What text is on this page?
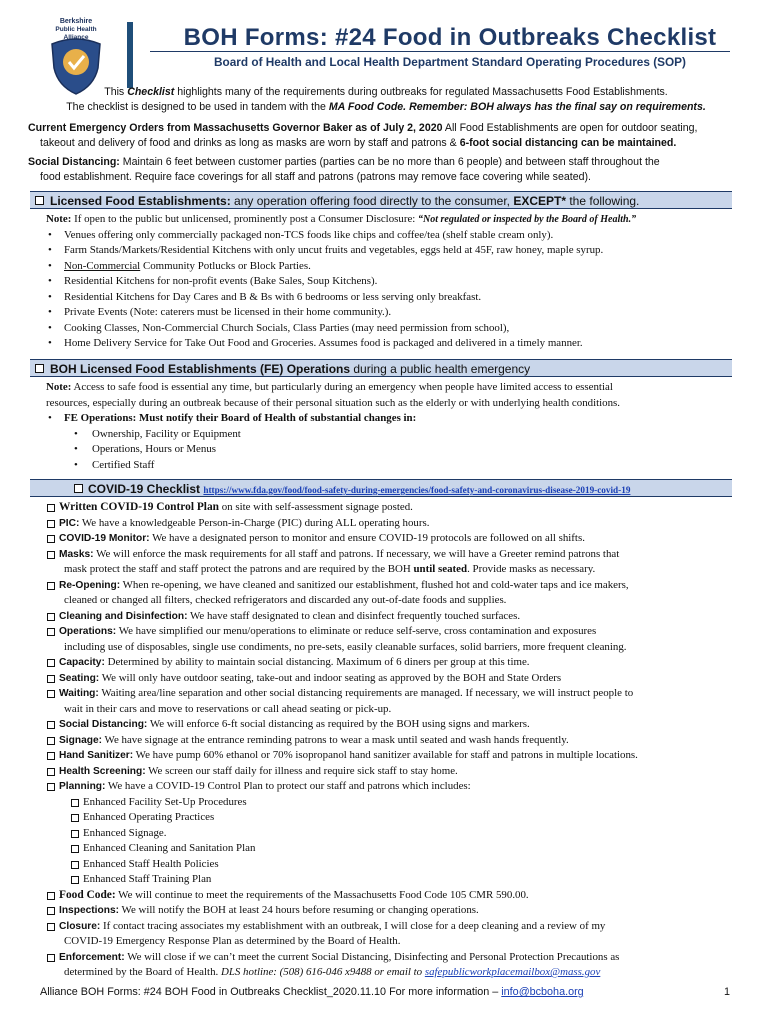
Berkshire
Public Health
Alliance	BOH Forms: #24 Food in Outbreaks Checklist
Board of Health and Local Health Department Standard Operating Procedures (SOP)
This Checklist highlights many of the requirements during outbreaks for regulated Massachusetts Food Establishments.
The checklist is designed to be used in tandem with the MA Food Code. Remember: BOH always has the final say on requirements.
Current Emergency Orders from Massachusetts Governor Baker as of July 2, 2020 All Food Establishments are open for outdoor seating,
takeout and delivery of food and drinks as long as masks are worn by staff and patrons & 6-foot social distancing can be maintained.
Social Distancing: Maintain 6 feet between customer parties (parties can be no more than 6 people) and between staff throughout the
food establishment. Require face coverings for all staff and patrons (patrons may remove face covering while seated).
Licensed Food Establishments: any operation offering food directly to the consumer, EXCEPT* the following.

Note: If open to the public but unlicensed, prominently post a Consumer Disclosure: “Not regulated or inspected by the Board of Health.”

• Venues offering only commercially packaged non-TCS foods like chips and coffee/tea (shelf stable cream only).

• Farm Stands/Markets/Residential Kitchens with only uncut fruits and vegetables, eggs held at 45F, raw honey, maple syrup.

• Non-Commercial Community Potlucks or Block Parties.

• Residential Kitchens for non-profit events (Bake Sales, Soup Kitchens).

• Residential Kitchens for Day Cares and B & Bs with 6 bedrooms or less serving only breakfast.

• Private Events (Note: caterers must be licensed in their home community.).

• Cooking Classes, Non-Commercial Church Socials, Class Parties (may need permission from school),

• Home Delivery Service for Take Out Food and Groceries. Assumes food is packaged and delivered in a timely manner.

BOH Licensed Food Establishments (FE) Operations during a public health emergency

Note: Access to safe food is essential any time, but particularly during an emergency when people have limited access to essential

resources, especially during an outbreak because of their personal situation such as the elderly or with underlying health conditions.

• FE Operations: Must notify their Board of Health of substantial changes in:

• Ownership, Facility or Equipment

• Operations, Hours or Menus

• Certified Staff

COVID-19 Checklist https://www.fda.gov/food/food-safety-during-emergencies/food-safety-and-coronavirus-disease-2019-covid-19

Written COVID-19 Control Plan on site with self-assessment signage posted.

PIC: We have a knowledgeable Person-in-Charge (PIC) during ALL operating hours.

COVID-19 Monitor: We have a designated person to monitor and ensure COVID-19 protocols are followed on all shifts.

Masks: We will enforce the mask requirements for all staff and patrons. If necessary, we will have a Greeter remind patrons that

mask protect the staff and staff protect the patrons and are required by the BOH until seated. Provide masks as necessary.

Re-Opening: When re-opening, we have cleaned and sanitized our establishment, flushed hot and cold-water taps and ice makers,

cleaned or changed all filters, checked refrigerators and discarded any out-of-date foods and supplies.

Cleaning and Disinfection: We have staff designated to clean and disinfect frequently touched surfaces.

Operations: We have simplified our menu/operations to eliminate or reduce self-serve, cross contamination and exposures

including use of disposables, single use condiments, no pre-sets, easily cleanable surfaces, solid barriers, more frequent cleaning.

Capacity: Determined by ability to maintain social distancing. Maximum of 6 diners per group at this time.

Seating: We will only have outdoor seating, take-out and indoor seating as approved by the BOH and State Orders

Waiting: Waiting area/line separation and other social distancing requirements are managed. If necessary, we will instruct people to

wait in their cars and move to reservations or call ahead seating or pick-up.

Social Distancing: We will enforce 6-ft social distancing as required by the BOH using signs and markers.

Signage: We have signage at the entrance reminding patrons to wear a mask until seated and wash hands frequently.

Hand Sanitizer: We have pump 60% ethanol or 70% isopropanol hand sanitizer available for staff and patrons in multiple locations.

Health Screening: We screen our staff daily for illness and require sick staff to stay home.

Planning: We have a COVID-19 Control Plan to protect our staff and patrons which includes:

Enhanced Facility Set-Up Procedures

Enhanced Operating Practices

Enhanced Signage.

Enhanced Cleaning and Sanitation Plan

Enhanced Staff Health Policies

Enhanced Staff Training Plan

Food Code: We will continue to meet the requirements of the Massachusetts Food Code 105 CMR 590.00.

Inspections: We will notify the BOH at least 24 hours before resuming or changing operations.

Closure: If contact tracing associates my establishment with an outbreak, I will close for a deep cleaning and a review of my

COVID-19 Emergency Response Plan as determined by the Board of Health.

Enforcement: We will close if we can’t meet the current Social Distancing, Disinfecting and Personal Protection Precautions as

determined by the Board of Health. DLS hotline: (508) 616-046 x9488 or email to safepublicworkplacemailbox@mass.gov

Alliance BOH Forms: #24 BOH Food in Outbreaks Checklist_2020.11.10 For more information – info@bcboha.org	1
